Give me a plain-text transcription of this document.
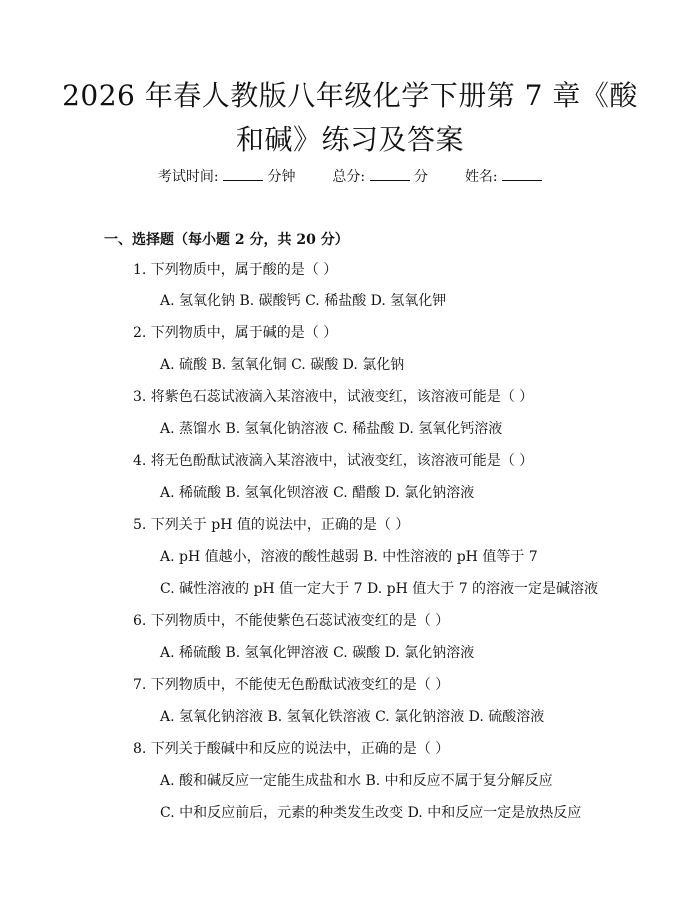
2026 年春人教版八年级化学下册第 7 章《酸
和碱》练习及答案
考试时间:	分钟	总分:	分	姓名:
一、选择题（每小题 2 分，共 20 分）
1. 下列物质中，属于酸的是（ ）
A. 氢氧化钠 B. 碳酸钙 C. 稀盐酸 D. 氢氧化钾
2. 下列物质中，属于碱的是（ ）
A. 硫酸 B. 氢氧化铜 C. 碳酸 D. 氯化钠
3. 将紫色石蕊试液滴入某溶液中，试液变红，该溶液可能是（ ）
A. 蒸馏水 B. 氢氧化钠溶液 C. 稀盐酸 D. 氢氧化钙溶液
4. 将无色酚酞试液滴入某溶液中，试液变红，该溶液可能是（ ）
A. 稀硫酸 B. 氢氧化钡溶液 C. 醋酸 D. 氯化钠溶液
5. 下列关于 pH 值的说法中，正确的是（ ）
A. pH 值越小，溶液的酸性越弱 B. 中性溶液的 pH 值等于 7
C. 碱性溶液的 pH 值一定大于 7 D. pH 值大于 7 的溶液一定是碱溶液
6. 下列物质中，不能使紫色石蕊试液变红的是（ ）
A. 稀硫酸 B. 氢氧化钾溶液 C. 碳酸 D. 氯化钠溶液
7. 下列物质中，不能使无色酚酞试液变红的是（ ）
A. 氢氧化钠溶液 B. 氢氧化铁溶液 C. 氯化钠溶液 D. 硫酸溶液
8. 下列关于酸碱中和反应的说法中，正确的是（ ）
A. 酸和碱反应一定能生成盐和水 B. 中和反应不属于复分解反应
C. 中和反应前后，元素的种类发生改变 D. 中和反应一定是放热反应
